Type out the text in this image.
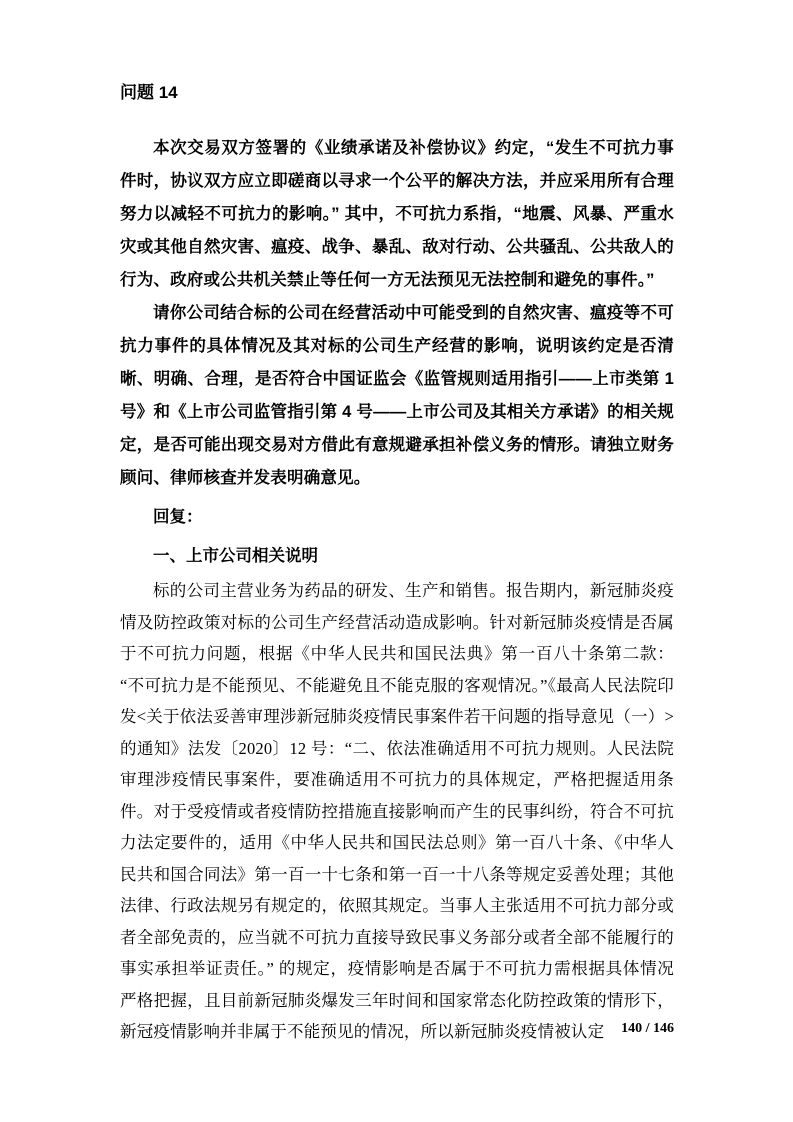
问题 14

本次交易双方签署的《业绩承诺及补偿协议》约定，“发生不可抗力事件时，协议双方应立即磋商以寻求一个公平的解决方法，并应采用所有合理努力以减轻不可抗力的影响。” 其中，不可抗力系指，“地震、风暴、严重水灾或其他自然灾害、瘟疫、战争、暴乱、敌对行动、公共骚乱、公共敌人的行为、政府或公共机关禁止等任何一方无法预见无法控制和避免的事件。”

请你公司结合标的公司在经营活动中可能受到的自然灾害、瘟疫等不可抗力事件的具体情况及其对标的公司生产经营的影响，说明该约定是否清晰、明确、合理，是否符合中国证监会《监管规则适用指引——上市类第 1 号》和《上市公司监管指引第 4 号——上市公司及其相关方承诺》的相关规定，是否可能出现交易对方借此有意规避承担补偿义务的情形。请独立财务顾问、律师核查并发表明确意见。

回复：

一、上市公司相关说明

标的公司主营业务为药品的研发、生产和销售。报告期内，新冠肺炎疫情及防控政策对标的公司生产经营活动造成影响。针对新冠肺炎疫情是否属于不可抗力问题，根据《中华人民共和国民法典》第一百八十条第二款：“不可抗力是不能预见、不能避免且不能克服的客观情况。”《最高人民法院印发<关于依法妥善审理涉新冠肺炎疫情民事案件若干问题的指导意见（一）>的通知》法发〔2020〕12 号：“二、依法准确适用不可抗力规则。人民法院审理涉疫情民事案件，要准确适用不可抗力的具体规定，严格把握适用条件。对于受疫情或者疫情防控措施直接影响而产生的民事纠纷，符合不可抗力法定要件的，适用《中华人民共和国民法总则》第一百八十条、《中华人民共和国合同法》第一百一十七条和第一百一十八条等规定妥善处理；其他法律、行政法规另有规定的，依照其规定。当事人主张适用不可抗力部分或者全部免责的，应当就不可抗力直接导致民事义务部分或者全部不能履行的事实承担举证责任。” 的规定，疫情影响是否属于不可抗力需根据具体情况严格把握，且目前新冠肺炎爆发三年时间和国家常态化防控政策的情形下，新冠疫情影响并非属于不能预见的情况，所以新冠肺炎疫情被认定	140 / 146
